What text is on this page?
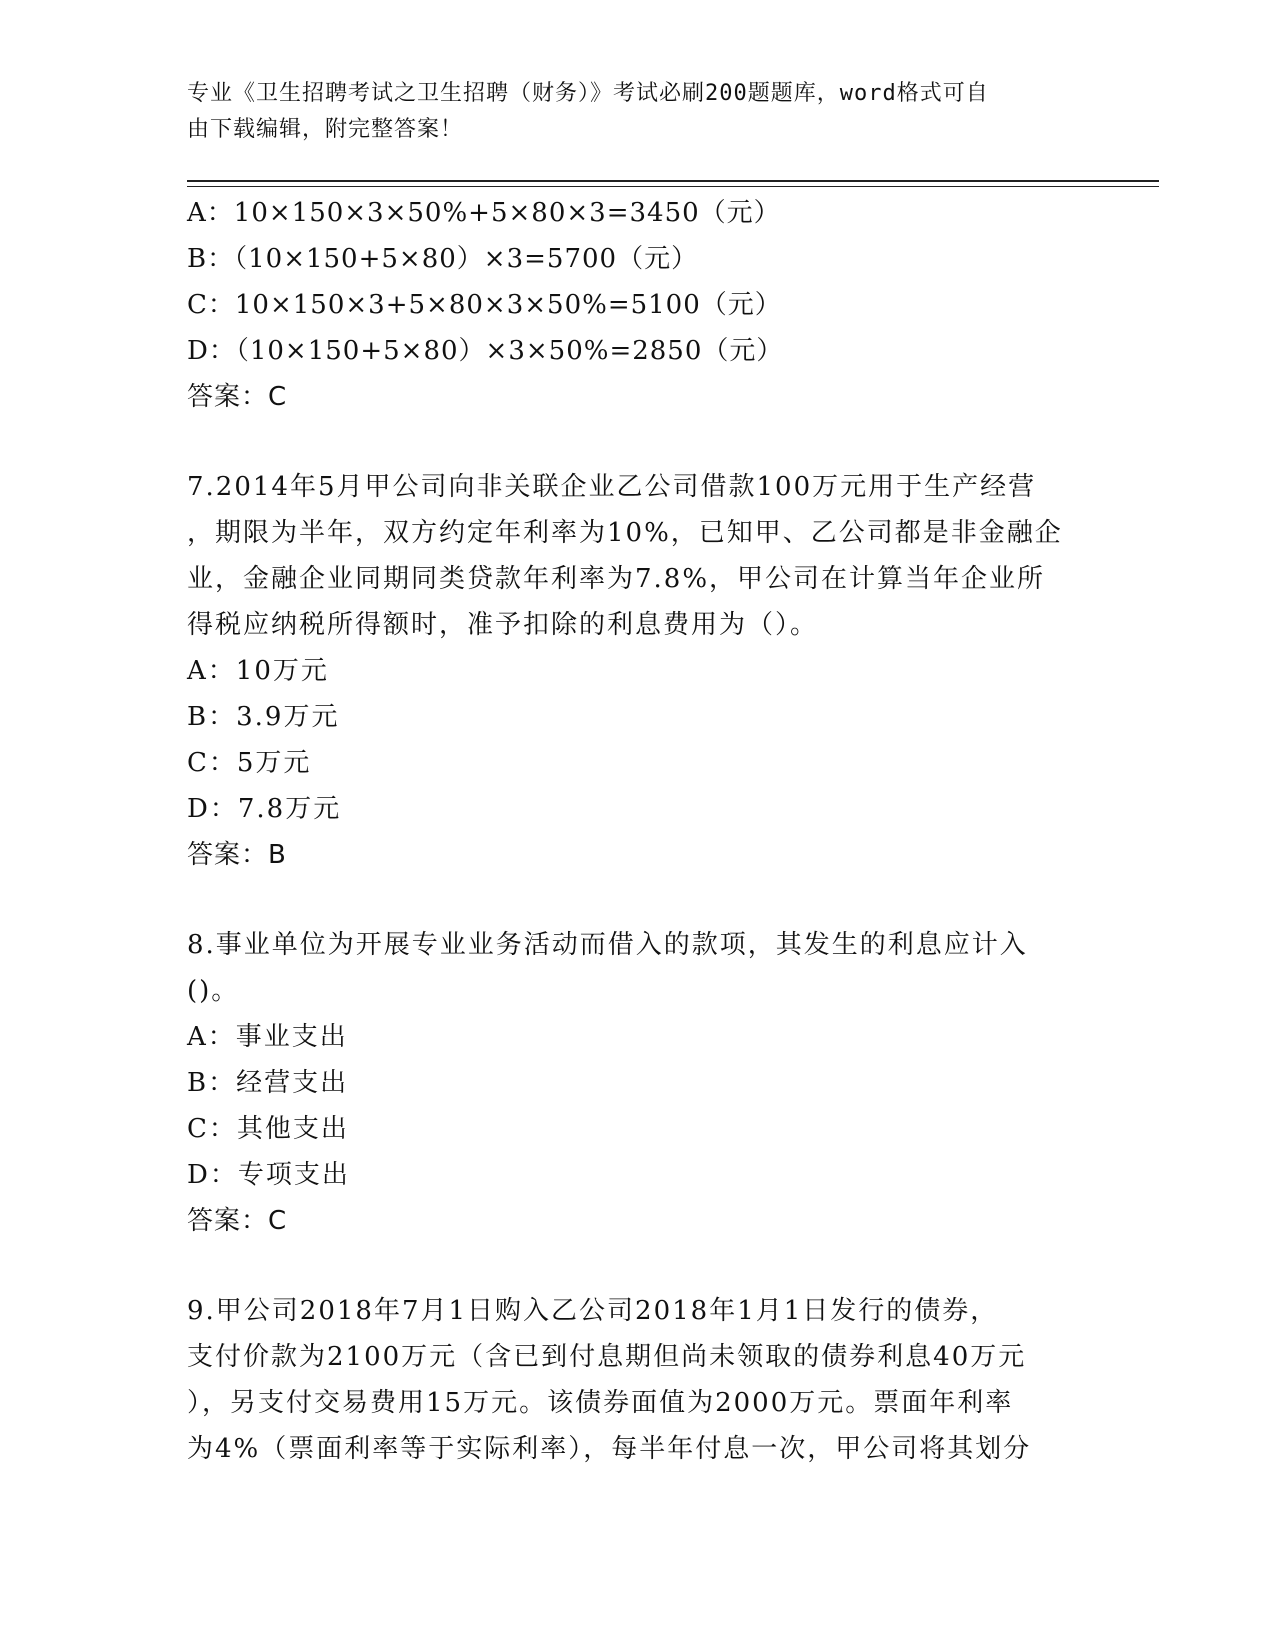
专业《卫生招聘考试之卫生招聘（财务）》考试必刷200题题库，word格式可自
由下载编辑，附完整答案！
A：10×150×3×50%+5×80×3=3450（元）
B：（10×150+5×80）×3=5700（元）
C：10×150×3+5×80×3×50%=5100（元）
D：（10×150+5×80）×3×50%=2850（元）
答案：C
7.2014年5月甲公司向非关联企业乙公司借款100万元用于生产经营
，期限为半年，双方约定年利率为10%，已知甲、乙公司都是非金融企
业，金融企业同期同类贷款年利率为7.8%，甲公司在计算当年企业所
得税应纳税所得额时，准予扣除的利息费用为（）。
A：10万元
B：3.9万元
C：5万元
D：7.8万元
答案：B
8.事业单位为开展专业业务活动而借入的款项，其发生的利息应计入
()。
A：事业支出
B：经营支出
C：其他支出
D：专项支出
答案：C
9.甲公司2018年7月1日购入乙公司2018年1月1日发行的债券，
支付价款为2100万元（含已到付息期但尚未领取的债券利息40万元
），另支付交易费用15万元。该债券面值为2000万元。票面年利率
为4%（票面利率等于实际利率），每半年付息一次，甲公司将其划分
